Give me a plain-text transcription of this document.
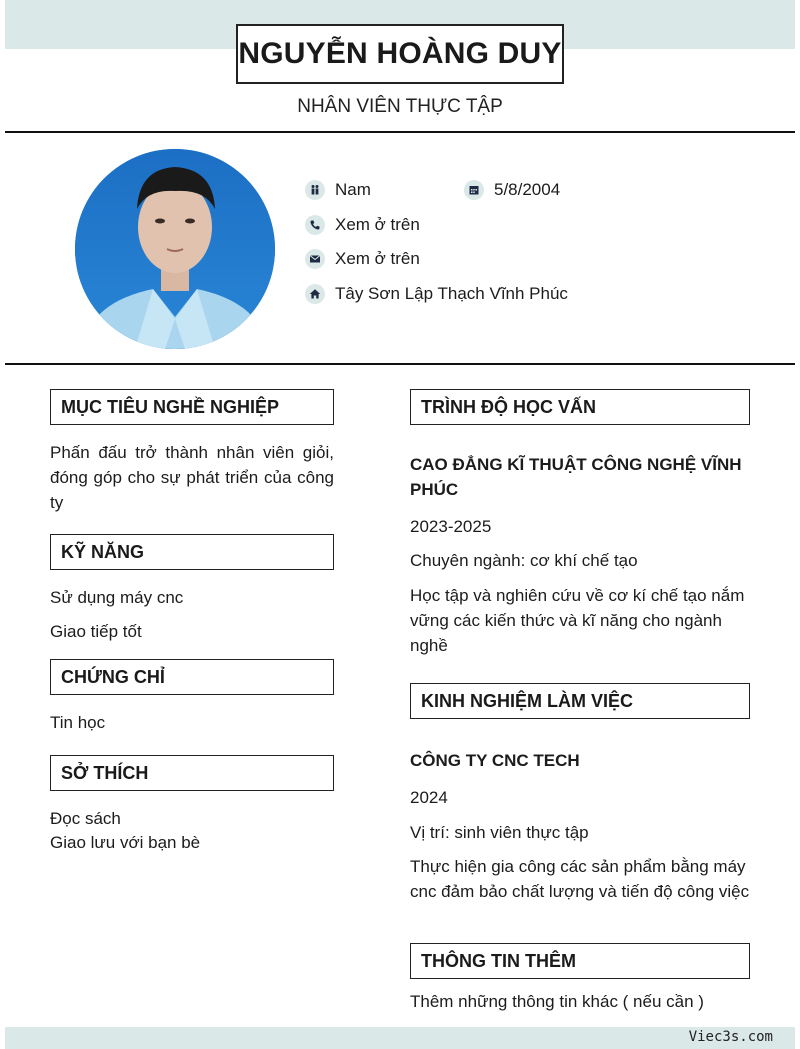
NGUYỄN HOÀNG DUY
NHÂN VIÊN THỰC TẬP
Nam	5/8/2004
Xem ở trên
Xem ở trên
Tây Sơn Lập Thạch Vĩnh Phúc
MỤC TIÊU NGHỀ NGHIỆP
Phấn đấu trở thành nhân viên giỏi, đóng góp cho sự phát triển của công ty
KỸ NĂNG
Sử dụng máy cnc
Giao tiếp tốt
CHỨNG CHỈ
Tin học
SỞ THÍCH
Đọc sách
Giao lưu với bạn bè
TRÌNH ĐỘ HỌC VẤN
CAO ĐẲNG KĨ THUẬT CÔNG NGHỆ VĨNH PHÚC
2023-2025
Chuyên ngành: cơ khí chế tạo
Học tập và nghiên cứu về cơ kí chế tạo nắm vững các kiến thức và kĩ năng cho ngành nghề
KINH NGHIỆM LÀM VIỆC
CÔNG TY CNC TECH
2024
Vị trí: sinh viên thực tập
Thực hiện gia công các sản phẩm bằng máy cnc đảm bảo chất lượng và tiến độ công việc
THÔNG TIN THÊM
Thêm những thông tin khác ( nếu cần )
Viec3s.com
